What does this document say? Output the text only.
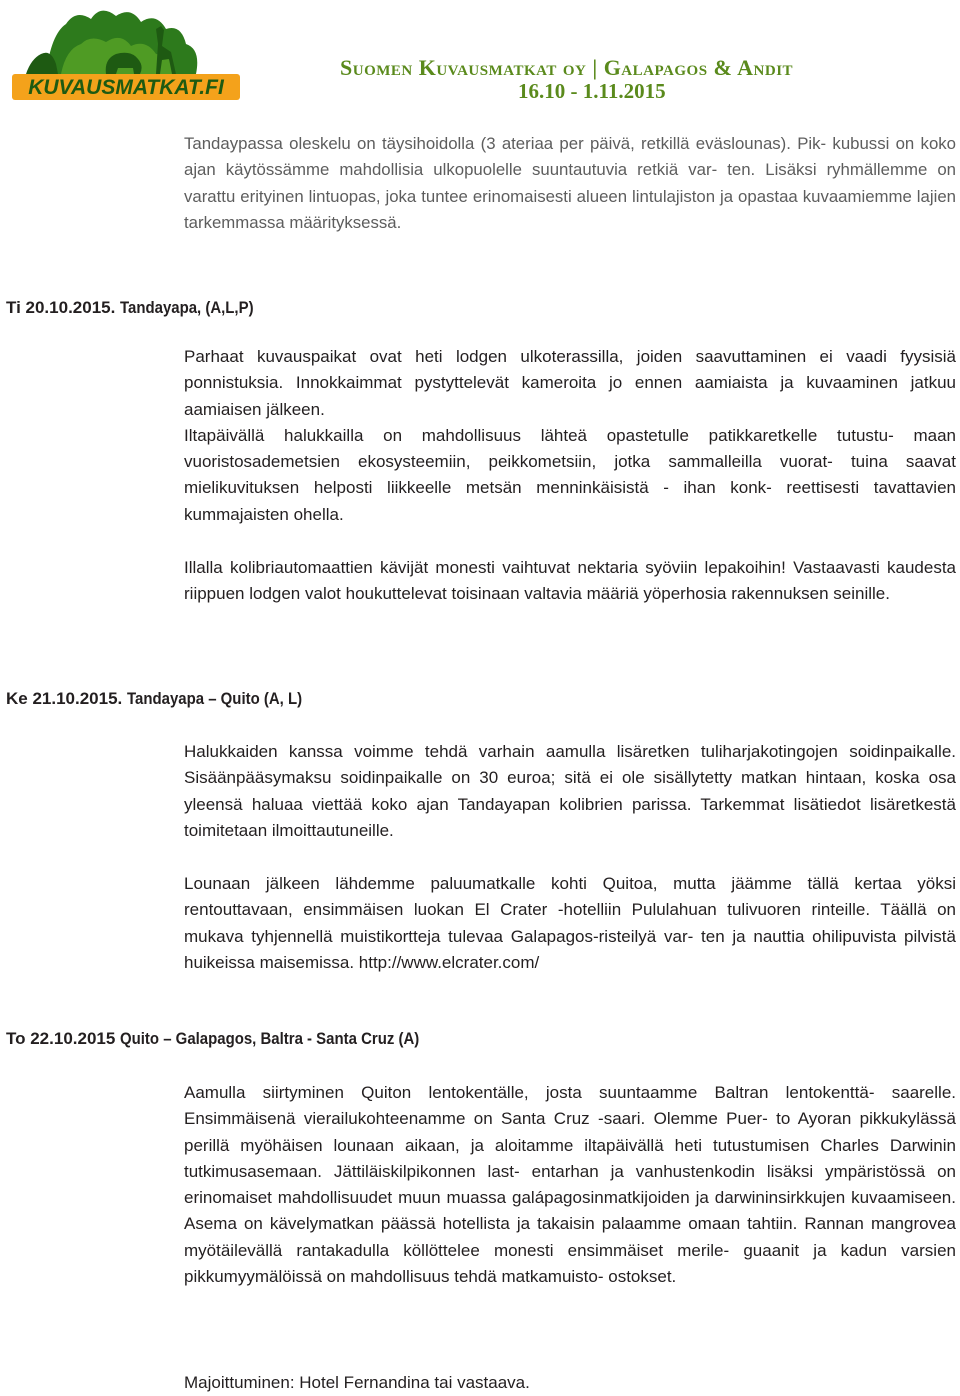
KUVAUSMATKAT.FI
Suomen Kuvausmatkat oy | Galapagos & Andit
16.10 - 1.11.2015

Tandaypassa oleskelu on täysihoidolla (3 ateriaa per päivä, retkillä eväslounas). Pik- kubussi on koko ajan käytössämme mahdollisia ulkopuolelle suuntautuvia retkiä var- ten. Lisäksi ryhmällemme on varattu erityinen lintuopas, joka tuntee erinomaisesti alueen lintulajiston ja opastaa kuvaamiemme lajien tarkemmassa määrityksessä.

Ti 20.10.2015. Tandayapa, (A,L,P)

Parhaat kuvauspaikat ovat heti lodgen ulkoterassilla, joiden saavuttaminen ei vaadi fyysisiä ponnistuksia. Innokkaimmat pystyttelevät kameroita jo ennen aamiaista ja kuvaaminen jatkuu aamiaisen jälkeen.
Iltapäivällä halukkailla on mahdollisuus lähteä opastetulle patikkaretkelle tutustu- maan vuoristosademetsien ekosysteemiin, peikkometsiin, jotka sammalleilla vuorat- tuina saavat mielikuvituksen helposti liikkeelle metsän menninkäisistä - ihan konk- reettisesti tavattavien kummajaisten ohella.

Illalla kolibriautomaattien kävijät monesti vaihtuvat nektaria syöviin lepakoihin! Vastaavasti kaudesta riippuen lodgen valot houkuttelevat toisinaan valtavia määriä yöperhosia rakennuksen seinille.

Ke 21.10.2015. Tandayapa – Quito (A, L)

Halukkaiden kanssa voimme tehdä varhain aamulla lisäretken tuliharjakotingojen soidinpaikalle. Sisäänpääsymaksu soidinpaikalle on 30 euroa; sitä ei ole sisällytetty matkan hintaan, koska osa yleensä haluaa viettää koko ajan Tandayapan kolibrien parissa. Tarkemmat lisätiedot lisäretkestä toimitetaan ilmoittautuneille.

Lounaan jälkeen lähdemme paluumatkalle kohti Quitoa, mutta jäämme tällä kertaa yöksi rentouttavaan, ensimmäisen luokan El Crater -hotelliin Pululahuan tulivuoren rinteille. Täällä on mukava tyhjennellä muistikortteja tulevaa Galapagos-risteilyä var- ten ja nauttia ohilipuvista pilvistä huikeissa maisemissa. http://www.elcrater.com/

To 22.10.2015 Quito – Galapagos, Baltra - Santa Cruz (A)

Aamulla siirtyminen Quiton lentokentälle, josta suuntaamme Baltran lentokenttä- saarelle. Ensimmäisenä vierailukohteenamme on Santa Cruz -saari. Olemme Puer- to Ayoran pikkukylässä perillä myöhäisen lounaan aikaan, ja aloitamme iltapäivällä heti tutustumisen Charles Darwinin tutkimusasemaan. Jättiläiskilpikonnen last- entarhan ja vanhustenkodin lisäksi ympäristössä on erinomaiset mahdollisuudet muun muassa galápagosinmatkijoiden ja darwininsirkkujen kuvaamiseen. Asema on kävelymatkan päässä hotellista ja takaisin palaamme omaan tahtiin. Rannan mangrovea myötäilevällä rantakadulla köllöttelee monesti ensimmäiset merile- guaanit ja kadun varsien pikkumyymälöissä on mahdollisuus tehdä matkamuisto- ostokset.

Majoittuminen: Hotel Fernandina tai vastaava.
